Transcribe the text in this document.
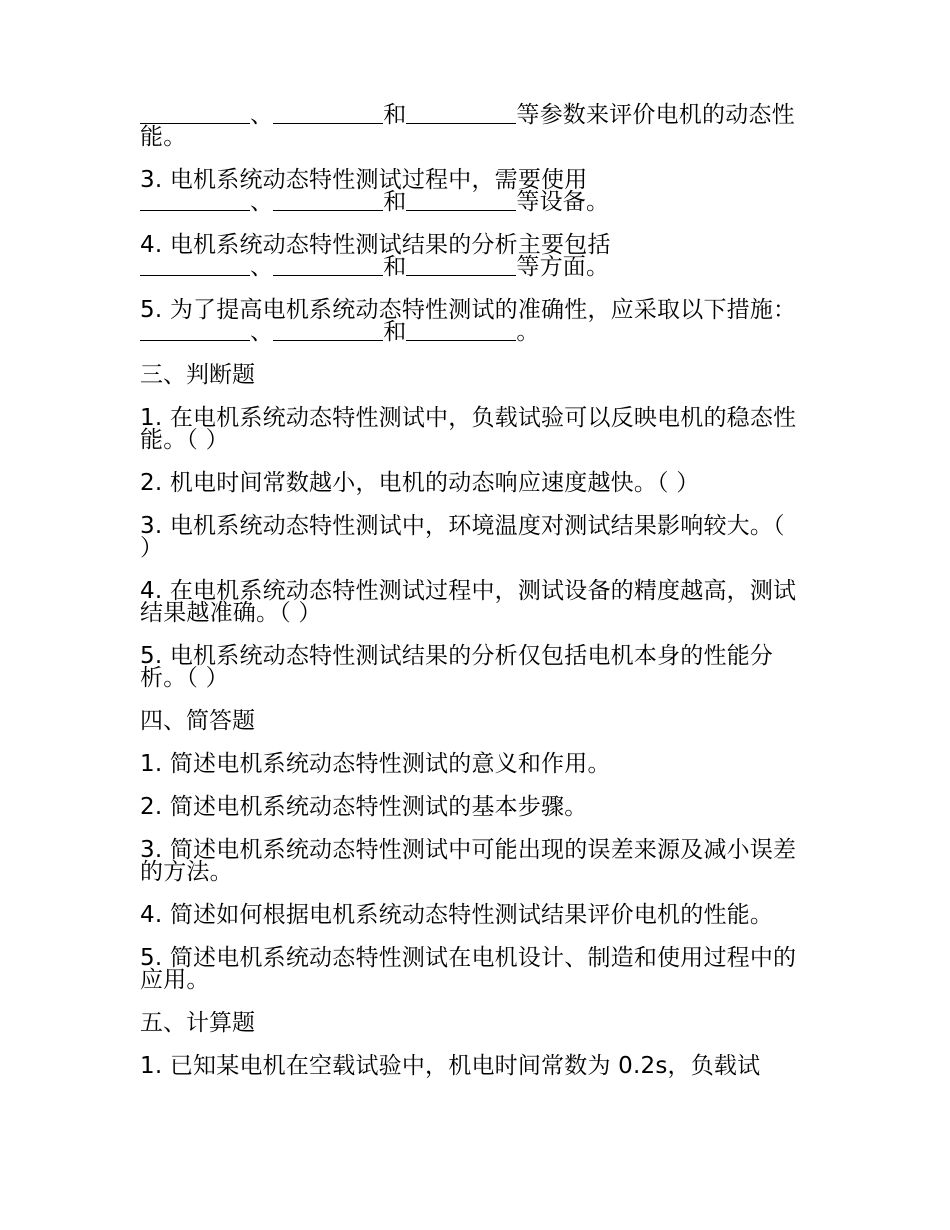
、	和	等参数来评价电机的动态性能。

3. 电机系统动态特性测试过程中，需要使用
、	和	等设备。

4. 电机系统动态特性测试结果的分析主要包括
、	和	等方面。

5. 为了提高电机系统动态特性测试的准确性，应采取以下措施：、	和	。

三、判断题

1. 在电机系统动态特性测试中，负载试验可以反映电机的稳态性能。（ ）

2. 机电时间常数越小，电机的动态响应速度越快。（ ）

3. 电机系统动态特性测试中，环境温度对测试结果影响较大。（ ）

4. 在电机系统动态特性测试过程中，测试设备的精度越高，测试结果越准确。（ ）

5. 电机系统动态特性测试结果的分析仅包括电机本身的性能分析。（ ）

四、简答题

1. 简述电机系统动态特性测试的意义和作用。

2. 简述电机系统动态特性测试的基本步骤。

3. 简述电机系统动态特性测试中可能出现的误差来源及减小误差的方法。

4. 简述如何根据电机系统动态特性测试结果评价电机的性能。

5. 简述电机系统动态特性测试在电机设计、制造和使用过程中的应用。

五、计算题

1. 已知某电机在空载试验中，机电时间常数为 0.2s，负载试
